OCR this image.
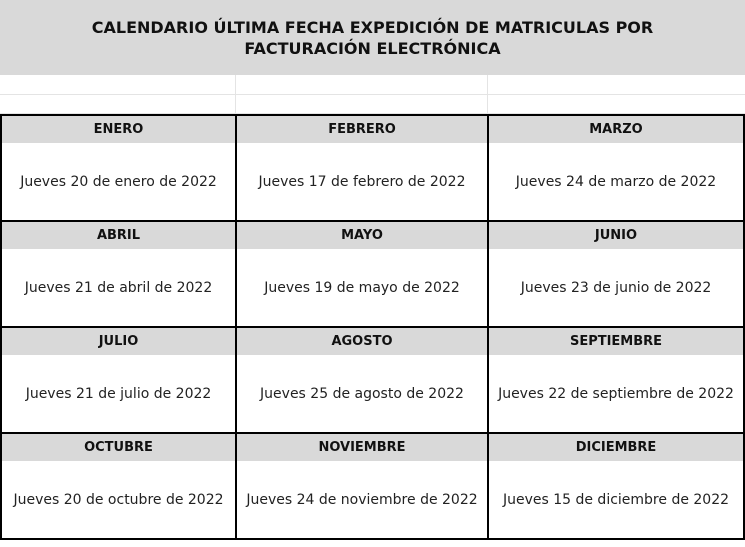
CALENDARIO ÚLTIMA FECHA EXPEDICIÓN DE MATRICULAS POR FACTURACIÓN ELECTRÓNICA
ENERO	FEBRERO	MARZO
Jueves 20 de enero de 2022	Jueves 17 de febrero de 2022	Jueves 24 de marzo de 2022
ABRIL	MAYO	JUNIO
Jueves 21 de abril de 2022	Jueves 19 de mayo de 2022	Jueves 23 de junio de 2022
JULIO	AGOSTO	SEPTIEMBRE
Jueves 21 de julio de 2022	Jueves 25 de agosto de 2022	Jueves 22 de septiembre de 2022
OCTUBRE	NOVIEMBRE	DICIEMBRE
Jueves 20 de octubre de 2022	Jueves 24 de noviembre de 2022	Jueves 15 de diciembre de 2022
